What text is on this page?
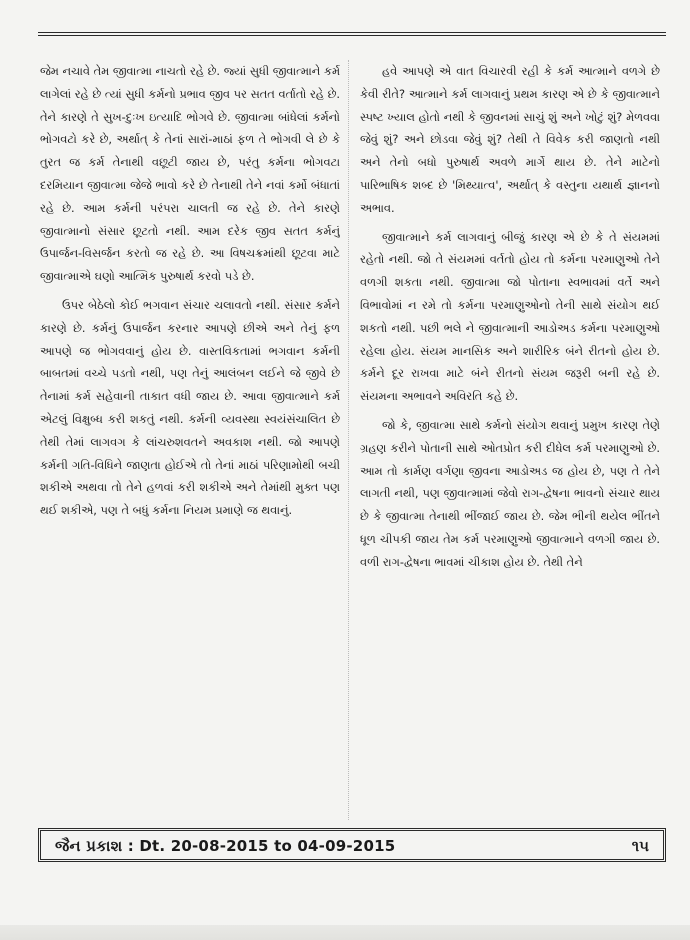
જેમ નચાવે તેમ જીવાત્મા નાચતો રહે છે. જ્યાં સુધી જીવાત્માને કર્મ લાગેલાં રહે છે ત્યાં સુધી કર્મનો પ્રભાવ જીવ પર સતત વર્તાતો રહે છે. તેને કારણે તે સુખ-દુઃખ ઇત્યાદિ ભોગવે છે. જીવાત્મા બાંધેલાં કર્મનો ભોગવટો કરે છે, અર્થાત્ કે તેનાં સારાં-માઠાં ફળ તે ભોગવી લે છે કે તુરત જ કર્મ તેનાથી વછૂટી જાય છે, પરંતુ કર્મના ભોગવટા દરમિયાન જીવાત્મા જેજે ભાવો કરે છે તેનાથી તેને નવાં કર્મો બંધાતાં રહે છે. આમ કર્મની પરંપરા ચાલતી જ રહે છે. તેને કારણે જીવાત્માનો સંસાર છૂટતો નથી. આમ દરેક જીવ સતત કર્મનું ઉપાર્જન-વિસર્જન કરતો જ રહે છે. આ વિષચક્રમાંથી છૂટવા માટે જીવાત્માએ ઘણો આત્મિક પુરુષાર્થ કરવો પડે છે.

ઉપર બેઠેલો કોઈ ભગવાન સંચાર ચલાવતો નથી. સંસાર કર્મને કારણે છે. કર્મનું ઉપાર્જન કરનાર આપણે છીએ અને તેનું ફળ આપણે જ ભોગવવાનું હોય છે. વાસ્તવિકતામાં ભગવાન કર્મની બાબતમાં વચ્ચે પડતો નથી, પણ તેનું આલંબન લઈને જે જીવે છે તેનામાં કર્મ સહેવાની તાકાત વધી જાય છે. આવા જીવાત્માને કર્મ એટલું વિક્ષુબ્ધ કરી શકતું નથી. કર્મની વ્યવસ્થા સ્વયંસંચાલિત છે તેથી તેમાં લાગવગ કે લાંચરુશવતને અવકાશ નથી. જો આપણે કર્મની ગતિ-વિધિને જાણતા હોઈએ તો તેનાં માઠાં પરિણામોથી બચી શકીએ અથવા તો તેને હળવાં કરી શકીએ અને તેમાંથી મુક્ત પણ થઈ શકીએ, પણ તે બધું કર્મના નિયમ પ્રમાણે જ થવાનું.

હવે આપણે એ વાત વિચારવી રહી કે કર્મ આત્માને વળગે છે કેવી રીતે? આત્માને કર્મ લાગવાનું પ્રથમ કારણ એ છે કે જીવાત્માને સ્પષ્ટ ખ્યાલ હોતો નથી કે જીવનમાં સાચું શું અને ખોટું શું? મેળવવા જેવું શું? અને છોડવા જેવું શું? તેથી તે વિવેક કરી જાણતો નથી અને તેનો બધો પુરુષાર્થ અવળે માર્ગે થાય છે. તેને માટેનો પારિભાષિક શબ્દ છે 'મિથ્યાત્વ', અર્થાત્ કે વસ્તુના યથાર્થ જ્ઞાનનો અભાવ.

જીવાત્માને કર્મ લાગવાનું બીજું કારણ એ છે કે તે સંયમમાં રહેતો નથી. જો તે સંયમમાં વર્તતો હોય તો કર્મના પરમાણુઓ તેને વળગી શકતા નથી. જીવાત્મા જો પોતાના સ્વભાવમાં વર્તે અને વિભાવોમાં ન રમે તો કર્મના પરમાણુઓનો તેની સાથે સંયોગ થઈ શકતો નથી. પછી ભલે ને જીવાત્માની આડોઅડ કર્મના પરમાણુઓ રહેલા હોય. સંયમ માનસિક અને શારીરિક બંને રીતનો હોય છે. કર્મને દૂર રાખવા માટે બંને રીતનો સંયમ જરૂરી બની રહે છે. સંયમના અભાવને અવિરતિ કહે છે.

જો કે, જીવાત્મા સાથે કર્મનો સંયોગ થવાનું પ્રમુખ કારણ તેણે ગ્રહણ કરીને પોતાની સાથે ઓતપ્રોત કરી દીધેલ કર્મ પરમાણુઓ છે. આમ તો કાર્મણ વર્ગણા જીવના આડોઅડ જ હોય છે, પણ તે તેને લાગતી નથી, પણ જીવાત્મામાં જેવો રાગ-દ્વેષના ભાવનો સંચાર થાય છે કે જીવાત્મા તેનાથી ભીંજાઈ જાય છે. જેમ ભીની થયેલ ભીંતને ધૂળ ચીપકી જાય તેમ કર્મ પરમાણુઓ જીવાત્માને વળગી જાય છે. વળી રાગ-દ્વેષના ભાવમાં ચીકાશ હોય છે. તેથી તેને

જૈન પ્રકાશ : Dt. 20-08-2015 to 04-09-2015	૧૫
